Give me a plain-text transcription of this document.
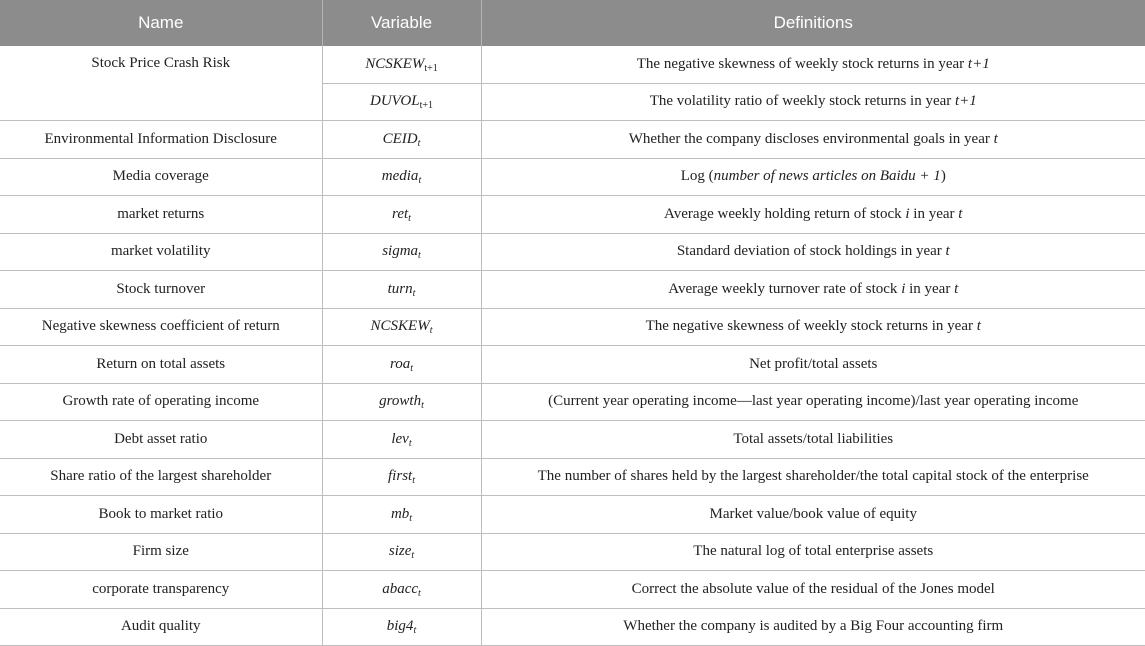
Name	Variable	Definitions
Stock Price Crash Risk	$NCSKEW_{t+1}$	The negative skewness of weekly stock returns in year t+1
	$DUVOL_{t+1}$	The volatility ratio of weekly stock returns in year t+1
Environmental Information Disclosure	$CEID_t$	Whether the company discloses environmental goals in year t
Media coverage	media$_t$	Log (number of news articles on Baidu + 1)
market returns	ret$_t$	Average weekly holding return of stock i in year t
market volatility	sigma$_t$	Standard deviation of stock holdings in year t
Stock turnover	turn$_t$	Average weekly turnover rate of stock i in year t
Negative skewness coefficient of return	$NCSKEW_t$	The negative skewness of weekly stock returns in year t
Return on total assets	roa$_t$	Net profit/total assets
Growth rate of operating income	growth$_t$	(Current year operating income—last year operating income)/last year operating income
Debt asset ratio	lev$_t$	Total assets/total liabilities
Share ratio of the largest shareholder	first$_t$	The number of shares held by the largest shareholder/the total capital stock of the enterprise
Book to market ratio	$mb_t$	Market value/book value of equity
Firm size	size$_t$	The natural log of total enterprise assets
corporate transparency	abacc$_t$	Correct the absolute value of the residual of the Jones model
Audit quality	$big4_t$	Whether the company is audited by a Big Four accounting firm
